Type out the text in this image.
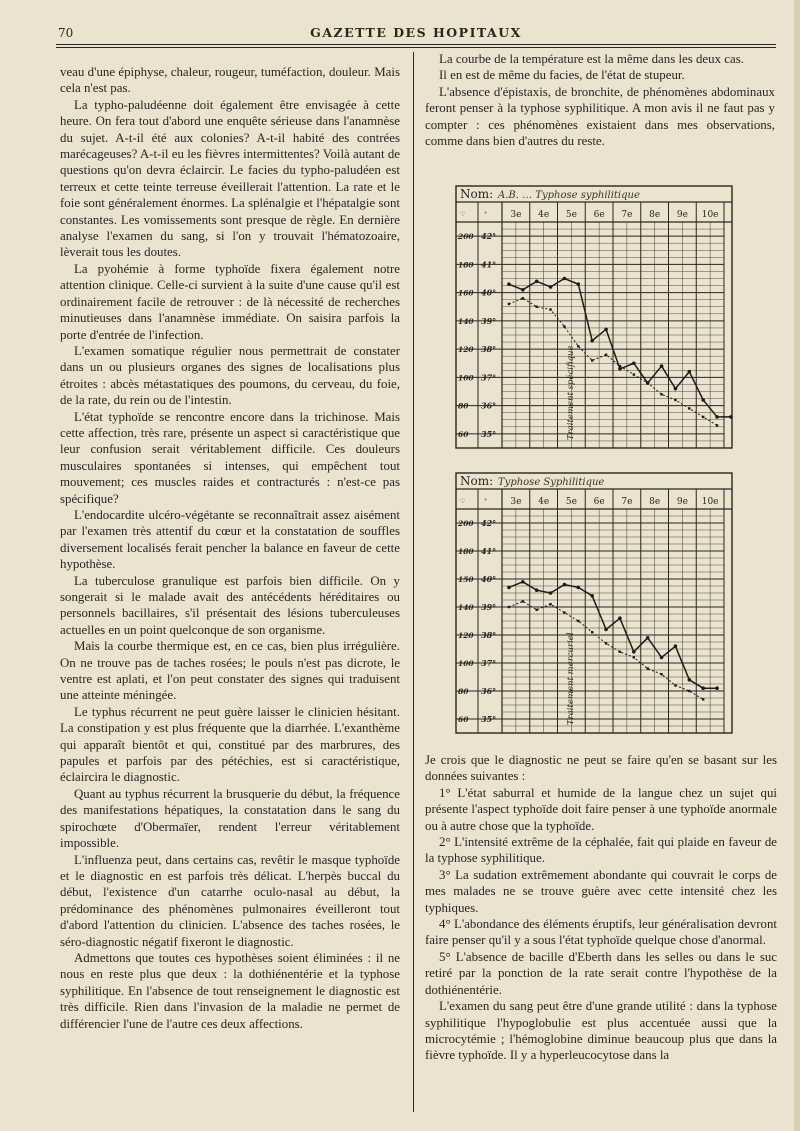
70	GAZETTE DES HOPITAUX

veau d'une épiphyse, chaleur, rougeur, tuméfaction, douleur. Mais cela n'est pas.

La typho-paludéenne doit également être envisagée à cette heure. On fera tout d'abord une enquête sérieuse dans l'anamnèse du sujet. A-t-il été aux colonies? A-t-il habité des contrées marécageuses? A-t-il eu les fièvres intermittentes? Voilà autant de questions qu'on devra éclaircir. Le facies du typho-paludéen est terreux et cette teinte terreuse éveillerait l'attention. La rate et le foie sont généralement énormes. La splénalgie et l'hépatalgie sont constantes. Les vomissements sont presque de règle. En dernière analyse l'examen du sang, si l'on y trouvait l'hématozoaire, lèverait tous les doutes.

La pyohémie à forme typhoïde fixera également notre attention clinique. Celle-ci survient à la suite d'une cause qu'il est ordinairement facile de retrouver : de là nécessité de recherches minutieuses dans l'anamnèse immédiate. On saisira parfois la porte d'entrée de l'infection.

L'examen somatique régulier nous permettrait de constater dans un ou plusieurs organes des signes de localisations plus étroites : abcès métastatiques des poumons, du cerveau, du foie, de la rate, du rein ou de l'intestin.

L'état typhoïde se rencontre encore dans la trichinose. Mais cette affection, très rare, présente un aspect si caractéristique que leur confusion serait véritablement difficile. Ces douleurs musculaires spontanées si intenses, qui empêchent tout mouvement; ces muscles raides et contracturés : n'est-ce pas spécifique?

L'endocardite ulcéro-végétante se reconnaîtrait assez aisément par l'examen très attentif du cœur et la constatation de souffles diversement localisés ferait pencher la balance en faveur de cette hypothèse.

La tuberculose granulique est parfois bien difficile. On y songerait si le malade avait des antécédents héréditaires ou personnels bacillaires, s'il présentait des lésions tuberculeuses actuelles en un point quelconque de son organisme.

Mais la courbe thermique est, en ce cas, bien plus irrégulière. On ne trouve pas de taches rosées; le pouls n'est pas dicrote, le ventre est aplati, et l'on peut constater des signes qui traduisent une atteinte méningée.

Le typhus récurrent ne peut guère laisser le clinicien hésitant. La constipation y est plus fréquente que la diarrhée. L'exanthème qui apparaît bientôt et qui, constitué par des marbrures, des papules et parfois par des pétéchies, est si caractéristique, éclaircira le diagnostic.

Quant au typhus récurrent la brusquerie du début, la fréquence des manifestations hépatiques, la constatation dans le sang du spirochœte d'Obermaïer, rendent l'erreur véritablement impossible.

L'influenza peut, dans certains cas, revêtir le masque typhoïde et le diagnostic en est parfois très délicat. L'herpès buccal du début, l'existence d'un catarrhe oculo-nasal au début, la prédominance des phénomènes pulmonaires éveilleront tout d'abord l'attention du clinicien. L'absence des taches rosées, le séro-diagnostic négatif fixeront le diagnostic.

Admettons que toutes ces hypothèses soient éliminées : il ne nous en reste plus que deux : la dothiénentérie et la typhose syphilitique. En l'absence de tout renseignement le diagnostic est très difficile. Rien dans l'invasion de la maladie ne permet de différencier l'une de l'autre ces deux affections.

La courbe de la température est la même dans les deux cas.

Il en est de même du facies, de l'état de stupeur.

L'absence d'épistaxis, de bronchite, de phénomènes abdominaux feront penser à la typhose syphilitique. A mon avis il ne faut pas y compter : ces phénomènes existaient dans mes observations, comme dans bien d'autres du reste.

Nom: A.B. … Typhose syphilitique
♡	°	3e 4e 5e 6e 7e 8e 9e 10e
42°
200
41°
180
40°
160
39°
140
38°
120
37°
100
36°
80
35°
60	Traitement spécifique
Nom: Typhose Syphilitique
♡	°	3e 4e 5e 6e 7e 8e 9e 10e
42°
200
41°
180
40°
150
39°
140
38°
120
37°
100
36°
80
35°
60	Traitement mercuriel

Je crois que le diagnostic ne peut se faire qu'en se basant sur les données suivantes :

1° L'état saburral et humide de la langue chez un sujet qui présente l'aspect typhoïde doit faire penser à une typhoïde anormale ou à autre chose que la typhoïde.

2° L'intensité extrême de la céphalée, fait qui plaide en faveur de la typhose syphilitique.

3° La sudation extrêmement abondante qui couvrait le corps de mes malades ne se trouve guère avec cette intensité chez les typhiques.

4° L'abondance des éléments éruptifs, leur généralisation devront faire penser qu'il y a sous l'état typhoïde quelque chose d'anormal.

5° L'absence de bacille d'Eberth dans les selles ou dans le suc retiré par la ponction de la rate serait contre l'hypothèse de la dothiénentérie.

L'examen du sang peut être d'une grande utilité : dans la typhose syphilitique l'hypoglobulie est plus accentuée aussi que la microcytémie ; l'hémoglobine diminue beaucoup plus que dans la fièvre typhoïde. Il y a hyperleucocytose dans la
